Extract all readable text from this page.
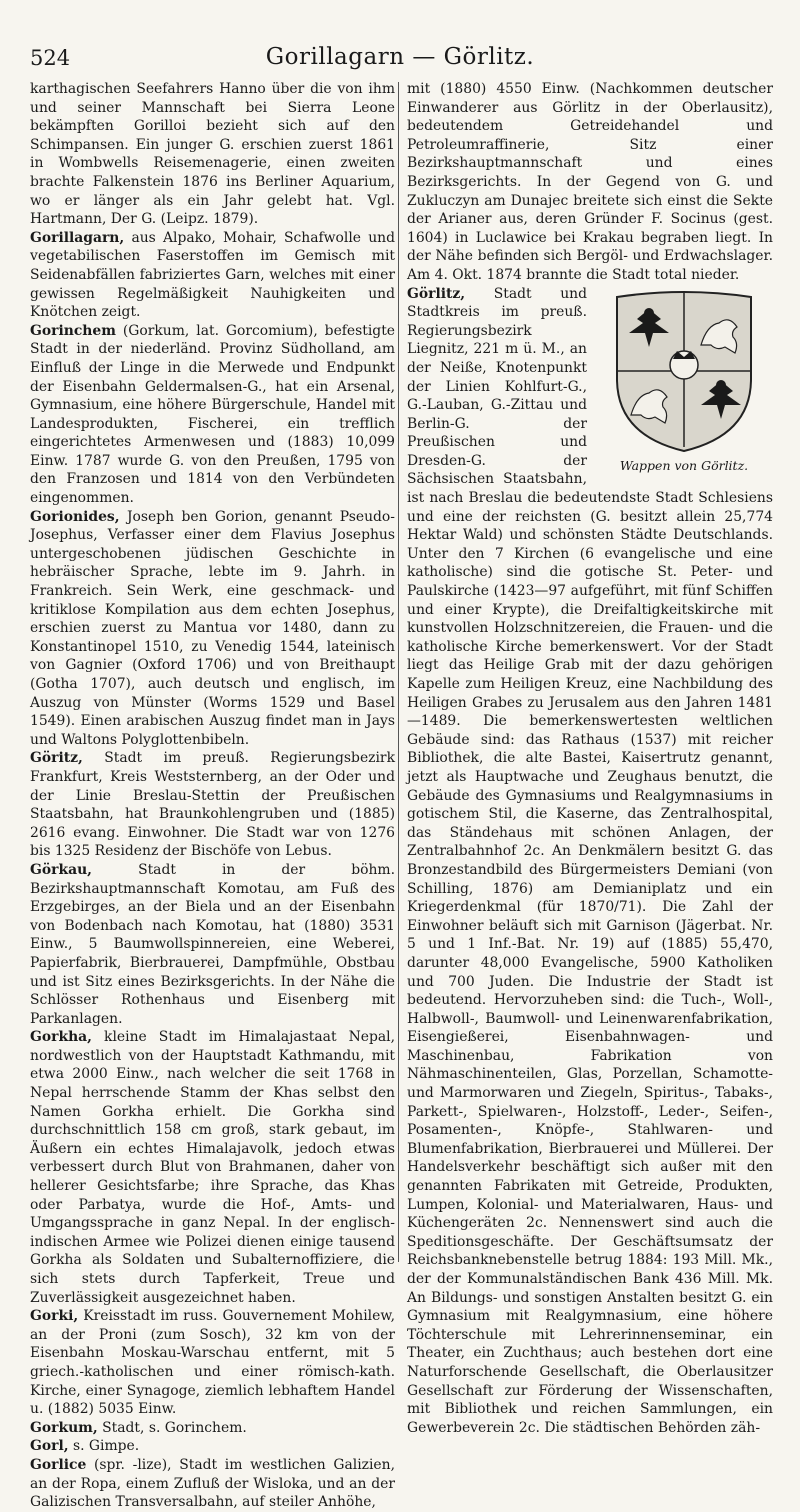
524	Gorillagarn — Görlitz.
karthagischen Seefahrers Hanno über die von ihm und seiner Mannschaft bei Sierra Leone bekämpften Gorilloi bezieht sich auf den Schimpansen. Ein junger G. erschien zuerst 1861 in Wombwells Reisemenagerie, einen zweiten brachte Falkenstein 1876 ins Berliner Aquarium, wo er länger als ein Jahr gelebt hat. Vgl. Hartmann, Der G. (Leipz. 1879).
Gorillagarn, aus Alpako, Mohair, Schafwolle und vegetabilischen Faserstoffen im Gemisch mit Seidenabfällen fabriziertes Garn, welches mit einer gewissen Regelmäßigkeit Nauhigkeiten und Knötchen zeigt.
Gorinchem (Gorkum, lat. Gorcomium), befestigte Stadt in der niederländ. Provinz Südholland, am Einfluß der Linge in die Merwede und Endpunkt der Eisenbahn Geldermalsen-G., hat ein Arsenal, Gymnasium, eine höhere Bürgerschule, Handel mit Landesprodukten, Fischerei, ein trefflich eingerichtetes Armenwesen und (1883) 10,099 Einw. 1787 wurde G. von den Preußen, 1795 von den Franzosen und 1814 von den Verbündeten eingenommen.
Gorionides, Joseph ben Gorion, genannt Pseudo-Josephus, Verfasser einer dem Flavius Josephus untergeschobenen jüdischen Geschichte in hebräischer Sprache, lebte im 9. Jahrh. in Frankreich. Sein Werk, eine geschmack- und kritiklose Kompilation aus dem echten Josephus, erschien zuerst zu Mantua vor 1480, dann zu Konstantinopel 1510, zu Venedig 1544, lateinisch von Gagnier (Oxford 1706) und von Breithaupt (Gotha 1707), auch deutsch und englisch, im Auszug von Münster (Worms 1529 und Basel 1549). Einen arabischen Auszug findet man in Jays und Waltons Polyglottenbibeln.
Göritz, Stadt im preuß. Regierungsbezirk Frankfurt, Kreis Weststernberg, an der Oder und der Linie Breslau-Stettin der Preußischen Staatsbahn, hat Braunkohlengruben und (1885) 2616 evang. Einwohner. Die Stadt war von 1276 bis 1325 Residenz der Bischöfe von Lebus.
Görkau, Stadt in der böhm. Bezirkshauptmannschaft Komotau, am Fuß des Erzgebirges, an der Biela und an der Eisenbahn von Bodenbach nach Komotau, hat (1880) 3531 Einw., 5 Baumwollspinnereien, eine Weberei, Papierfabrik, Bierbrauerei, Dampfmühle, Obstbau und ist Sitz eines Bezirksgerichts. In der Nähe die Schlösser Rothenhaus und Eisenberg mit Parkanlagen.
Gorkha, kleine Stadt im Himalajastaat Nepal, nordwestlich von der Hauptstadt Kathmandu, mit etwa 2000 Einw., nach welcher die seit 1768 in Nepal herrschende Stamm der Khas selbst den Namen Gorkha erhielt. Die Gorkha sind durchschnittlich 158 cm groß, stark gebaut, im Äußern ein echtes Himalajavolk, jedoch etwas verbessert durch Blut von Brahmanen, daher von hellerer Gesichtsfarbe; ihre Sprache, das Khas oder Parbatya, wurde die Hof-, Amts- und Umgangssprache in ganz Nepal. In der englisch-indischen Armee wie Polizei dienen einige tausend Gorkha als Soldaten und Subalternoffiziere, die sich stets durch Tapferkeit, Treue und Zuverlässigkeit ausgezeichnet haben.
Gorki, Kreisstadt im russ. Gouvernement Mohilew, an der Proni (zum Sosch), 32 km von der Eisenbahn Moskau-Warschau entfernt, mit 5 griech.-katholischen und einer römisch-kath. Kirche, einer Synagoge, ziemlich lebhaftem Handel u. (1882) 5035 Einw.
Gorkum, Stadt, s. Gorinchem.
Gorl, s. Gimpe.
Gorlice (spr. -lize), Stadt im westlichen Galizien, an der Ropa, einem Zufluß der Wisloka, und an der Galizischen Transversalbahn, auf steiler Anhöhe,
mit (1880) 4550 Einw. (Nachkommen deutscher Einwanderer aus Görlitz in der Oberlausitz), bedeutendem Getreidehandel und Petroleumraffinerie, Sitz einer Bezirkshauptmannschaft und eines Bezirksgerichts. In der Gegend von G. und Zukluczyn am Dunajec breitete sich einst die Sekte der Arianer aus, deren Gründer F. Socinus (gest. 1604) in Luclawice bei Krakau begraben liegt. In der Nähe befinden sich Bergöl- und Erdwachslager. Am 4. Okt. 1874 brannte die Stadt total nieder.
Wappen von Görlitz.
Görlitz, Stadt und Stadtkreis im preuß. Regierungsbezirk Liegnitz, 221 m ü. M., an der Neiße, Knotenpunkt der Linien Kohlfurt-G., G.-Lauban, G.-Zittau und Berlin-G. der Preußischen und Dresden-G. der Sächsischen Staatsbahn, ist nach Breslau die bedeutendste Stadt Schlesiens und eine der reichsten (G. besitzt allein 25,774 Hektar Wald) und schönsten Städte Deutschlands. Unter den 7 Kirchen (6 evangelische und eine katholische) sind die gotische St. Peter- und Paulskirche (1423—97 aufgeführt, mit fünf Schiffen und einer Krypte), die Dreifaltigkeitskirche mit kunstvollen Holzschnitzereien, die Frauen- und die katholische Kirche bemerkenswert. Vor der Stadt liegt das Heilige Grab mit der dazu gehörigen Kapelle zum Heiligen Kreuz, eine Nachbildung des Heiligen Grabes zu Jerusalem aus den Jahren 1481—1489. Die bemerkenswertesten weltlichen Gebäude sind: das Rathaus (1537) mit reicher Bibliothek, die alte Bastei, Kaisertrutz genannt, jetzt als Hauptwache und Zeughaus benutzt, die Gebäude des Gymnasiums und Realgymnasiums in gotischem Stil, die Kaserne, das Zentralhospital, das Ständehaus mit schönen Anlagen, der Zentralbahnhof 2c. An Denkmälern besitzt G. das Bronzestandbild des Bürgermeisters Demiani (von Schilling, 1876) am Demianiplatz und ein Kriegerdenkmal (für 1870/71). Die Zahl der Einwohner beläuft sich mit Garnison (Jägerbat. Nr. 5 und 1 Inf.-Bat. Nr. 19) auf (1885) 55,470, darunter 48,000 Evangelische, 5900 Katholiken und 700 Juden. Die Industrie der Stadt ist bedeutend. Hervorzuheben sind: die Tuch-, Woll-, Halbwoll-, Baumwoll- und Leinenwarenfabrikation, Eisengießerei, Eisenbahnwagen- und Maschinenbau, Fabrikation von Nähmaschinenteilen, Glas, Porzellan, Schamotte- und Marmorwaren und Ziegeln, Spiritus-, Tabaks-, Parkett-, Spielwaren-, Holzstoff-, Leder-, Seifen-, Posamenten-, Knöpfe-, Stahlwaren- und Blumenfabrikation, Bierbrauerei und Müllerei. Der Handelsverkehr beschäftigt sich außer mit den genannten Fabrikaten mit Getreide, Produkten, Lumpen, Kolonial- und Materialwaren, Haus- und Küchengeräten 2c. Nennenswert sind auch die Speditionsgeschäfte. Der Geschäftsumsatz der Reichsbanknebenstelle betrug 1884: 193 Mill. Mk., der der Kommunalständischen Bank 436 Mill. Mk. An Bildungs- und sonstigen Anstalten besitzt G. ein Gymnasium mit Realgymnasium, eine höhere Töchterschule mit Lehrerinnenseminar, ein Theater, ein Zuchthaus; auch bestehen dort eine Naturforschende Gesellschaft, die Oberlausitzer Gesellschaft zur Förderung der Wissenschaften, mit Bibliothek und reichen Sammlungen, ein Gewerbeverein 2c. Die städtischen Behörden zäh-
